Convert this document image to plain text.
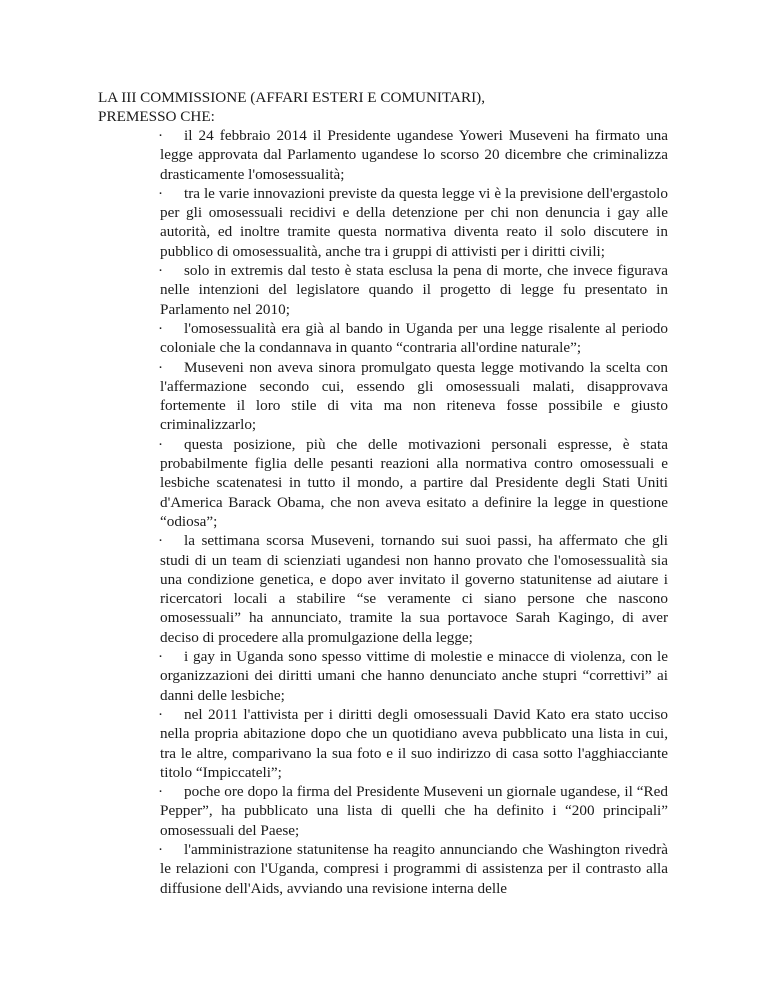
LA III COMMISSIONE (AFFARI ESTERI E COMUNITARI),
PREMESSO CHE:
· il 24 febbraio 2014 il Presidente ugandese Yoweri Museveni ha firmato una legge approvata dal Parlamento ugandese lo scorso 20 dicembre che criminalizza drasticamente l'omosessualità;
· tra le varie innovazioni previste da questa legge vi è la previsione dell'ergastolo per gli omosessuali recidivi e della detenzione per chi non denuncia i gay alle autorità, ed inoltre tramite questa normativa diventa reato il solo discutere in pubblico di omosessualità, anche tra i gruppi di attivisti per i diritti civili;
· solo in extremis dal testo è stata esclusa la pena di morte, che invece figurava nelle intenzioni del legislatore quando il progetto di legge fu presentato in Parlamento nel 2010;
· l'omosessualità era già al bando in Uganda per una legge risalente al periodo coloniale che la condannava in quanto “contraria all'ordine naturale”;
· Museveni non aveva sinora promulgato questa legge motivando la scelta con l'affermazione secondo cui, essendo gli omosessuali malati, disapprovava fortemente il loro stile di vita ma non riteneva fosse possibile e giusto criminalizzarlo;
· questa posizione, più che delle motivazioni personali espresse, è stata probabilmente figlia delle pesanti reazioni alla normativa contro omosessuali e lesbiche scatenatesi in tutto il mondo, a partire dal Presidente degli Stati Uniti d'America Barack Obama, che non aveva esitato a definire la legge in questione “odiosa”;
· la settimana scorsa Museveni, tornando sui suoi passi, ha affermato che gli studi di un team di scienziati ugandesi non hanno provato che l'omosessualità sia una condizione genetica, e dopo aver invitato il governo statunitense ad aiutare i ricercatori locali a stabilire “se veramente ci siano persone che nascono omosessuali” ha annunciato, tramite la sua portavoce Sarah Kagingo, di aver deciso di procedere alla promulgazione della legge;
· i gay in Uganda sono spesso vittime di molestie e minacce di violenza, con le organizzazioni dei diritti umani che hanno denunciato anche stupri “correttivi” ai danni delle lesbiche;
· nel 2011 l'attivista per i diritti degli omosessuali David Kato era stato ucciso nella propria abitazione dopo che un quotidiano aveva pubblicato una lista in cui, tra le altre, comparivano la sua foto e il suo indirizzo di casa sotto l'agghiacciante titolo “Impiccateli”;
· poche ore dopo la firma del Presidente Museveni un giornale ugandese, il “Red Pepper”, ha pubblicato una lista di quelli che ha definito i “200 principali” omosessuali del Paese;
· l'amministrazione statunitense ha reagito annunciando che Washington rivedrà le relazioni con l'Uganda, compresi i programmi di assistenza per il contrasto alla diffusione dell'Aids, avviando una revisione interna delle
